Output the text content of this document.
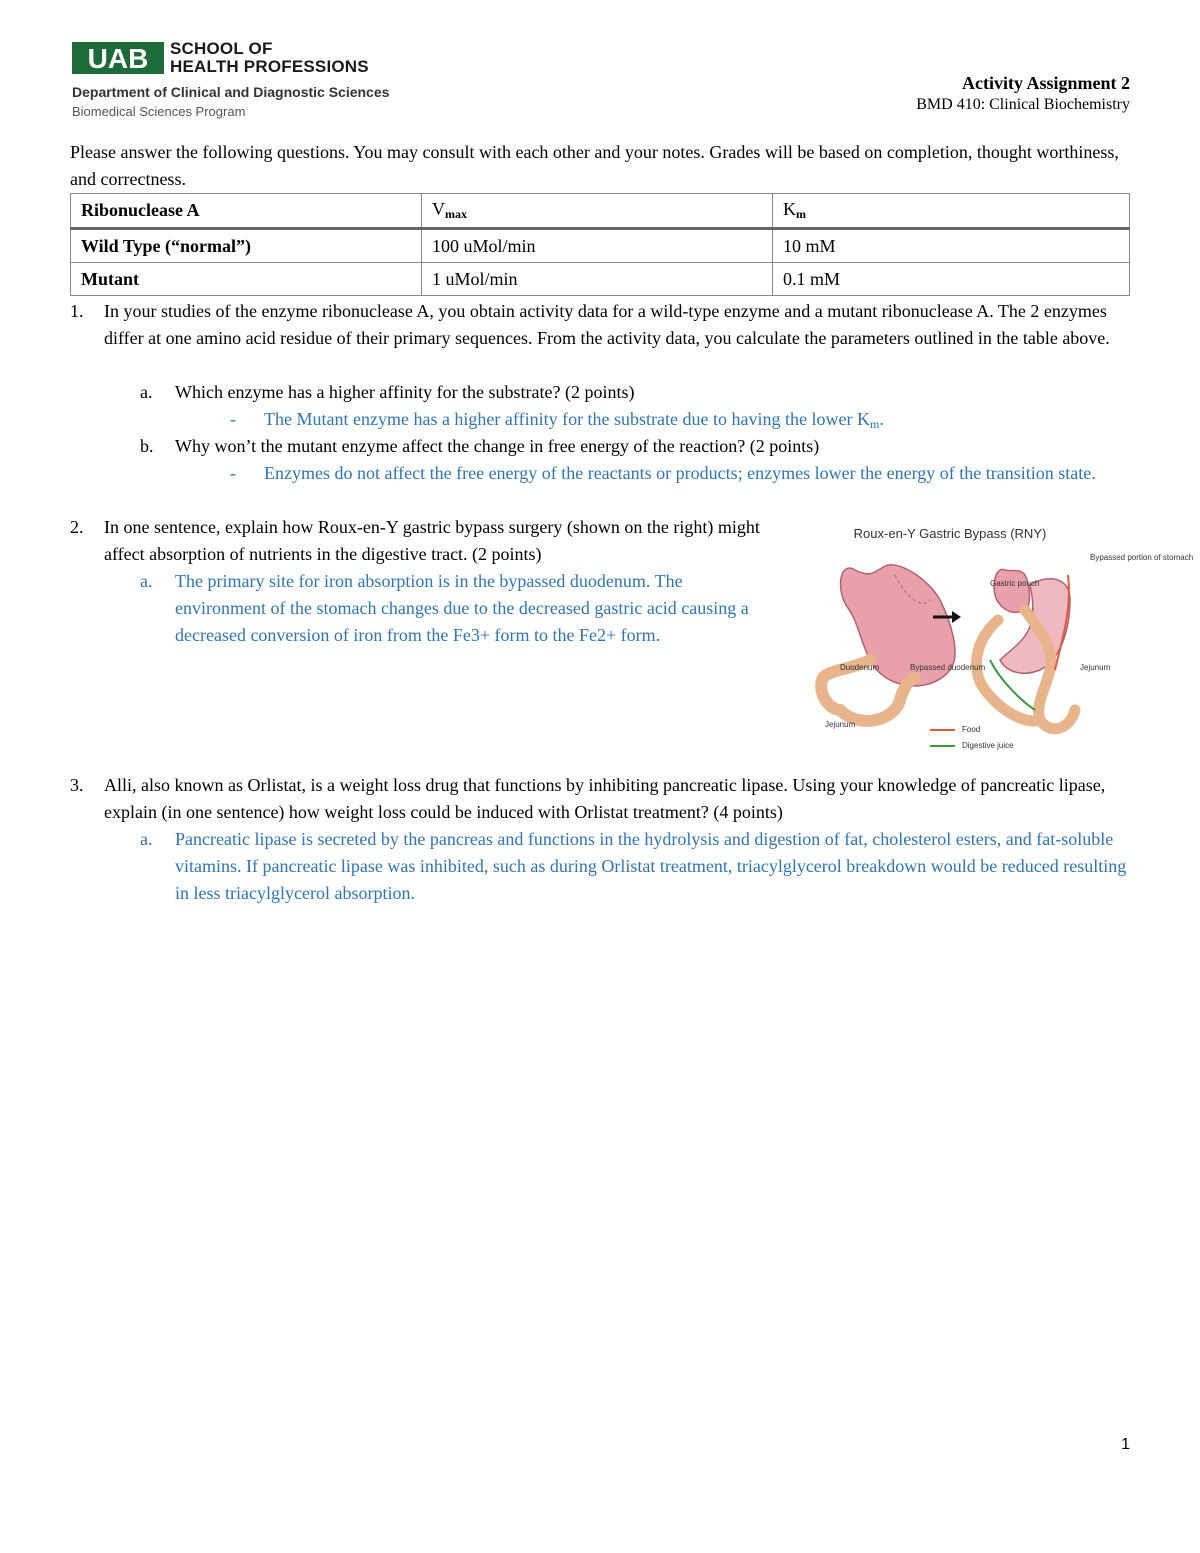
UAB SCHOOL OF
HEALTH PROFESSIONS
Department of Clinical and Diagnostic Sciences
Biomedical Sciences Program
Activity Assignment 2
BMD 410: Clinical Biochemistry
Please answer the following questions. You may consult with each other and your notes. Grades will be based on completion, thought worthiness, and correctness.
Ribonuclease A	$V_{max}$	$K_m$
Wild Type (“normal”)	100 uMol/min	10 mM
Mutant	1 uMol/min	0.1 mM
1.	In your studies of the enzyme ribonuclease A, you obtain activity data for a wild-type enzyme and a mutant ribonuclease A. The 2 enzymes differ at one amino acid residue of their primary sequences. From the activity data, you calculate the parameters outlined in the table above.
a. Which enzyme has a higher affinity for the substrate? (2 points)
- The Mutant enzyme has a higher affinity for the substrate due to having the lower $K_m$.
b. Why won’t the mutant enzyme affect the change in free energy of the reaction? (2 points)
- Enzymes do not affect the free energy of the reactants or products; enzymes lower the energy of the transition state.
2.	In one sentence, explain how Roux-en-Y gastric bypass surgery (shown on the right) might affect absorption of nutrients in the digestive tract. (2 points)
a. The primary site for iron absorption is in the bypassed duodenum. The environment of the stomach changes due to the decreased gastric acid causing a decreased conversion of iron from the Fe3+ form to the Fe2+ form.
Roux-en-Y Gastric Bypass (RNY)
Bypassed portion of stomach
Gastric pouch
Duodenum	Bypassed duodenum	Jejunum
Jejunum
Food
Digestive juice
3.	Alli, also known as Orlistat, is a weight loss drug that functions by inhibiting pancreatic lipase. Using your knowledge of pancreatic lipase, explain (in one sentence) how weight loss could be induced with Orlistat treatment? (4 points)
a. Pancreatic lipase is secreted by the pancreas and functions in the hydrolysis and digestion of fat, cholesterol esters, and fat-soluble vitamins. If pancreatic lipase was inhibited, such as during Orlistat treatment, triacylglycerol breakdown would be reduced resulting in less triacylglycerol absorption.
1
